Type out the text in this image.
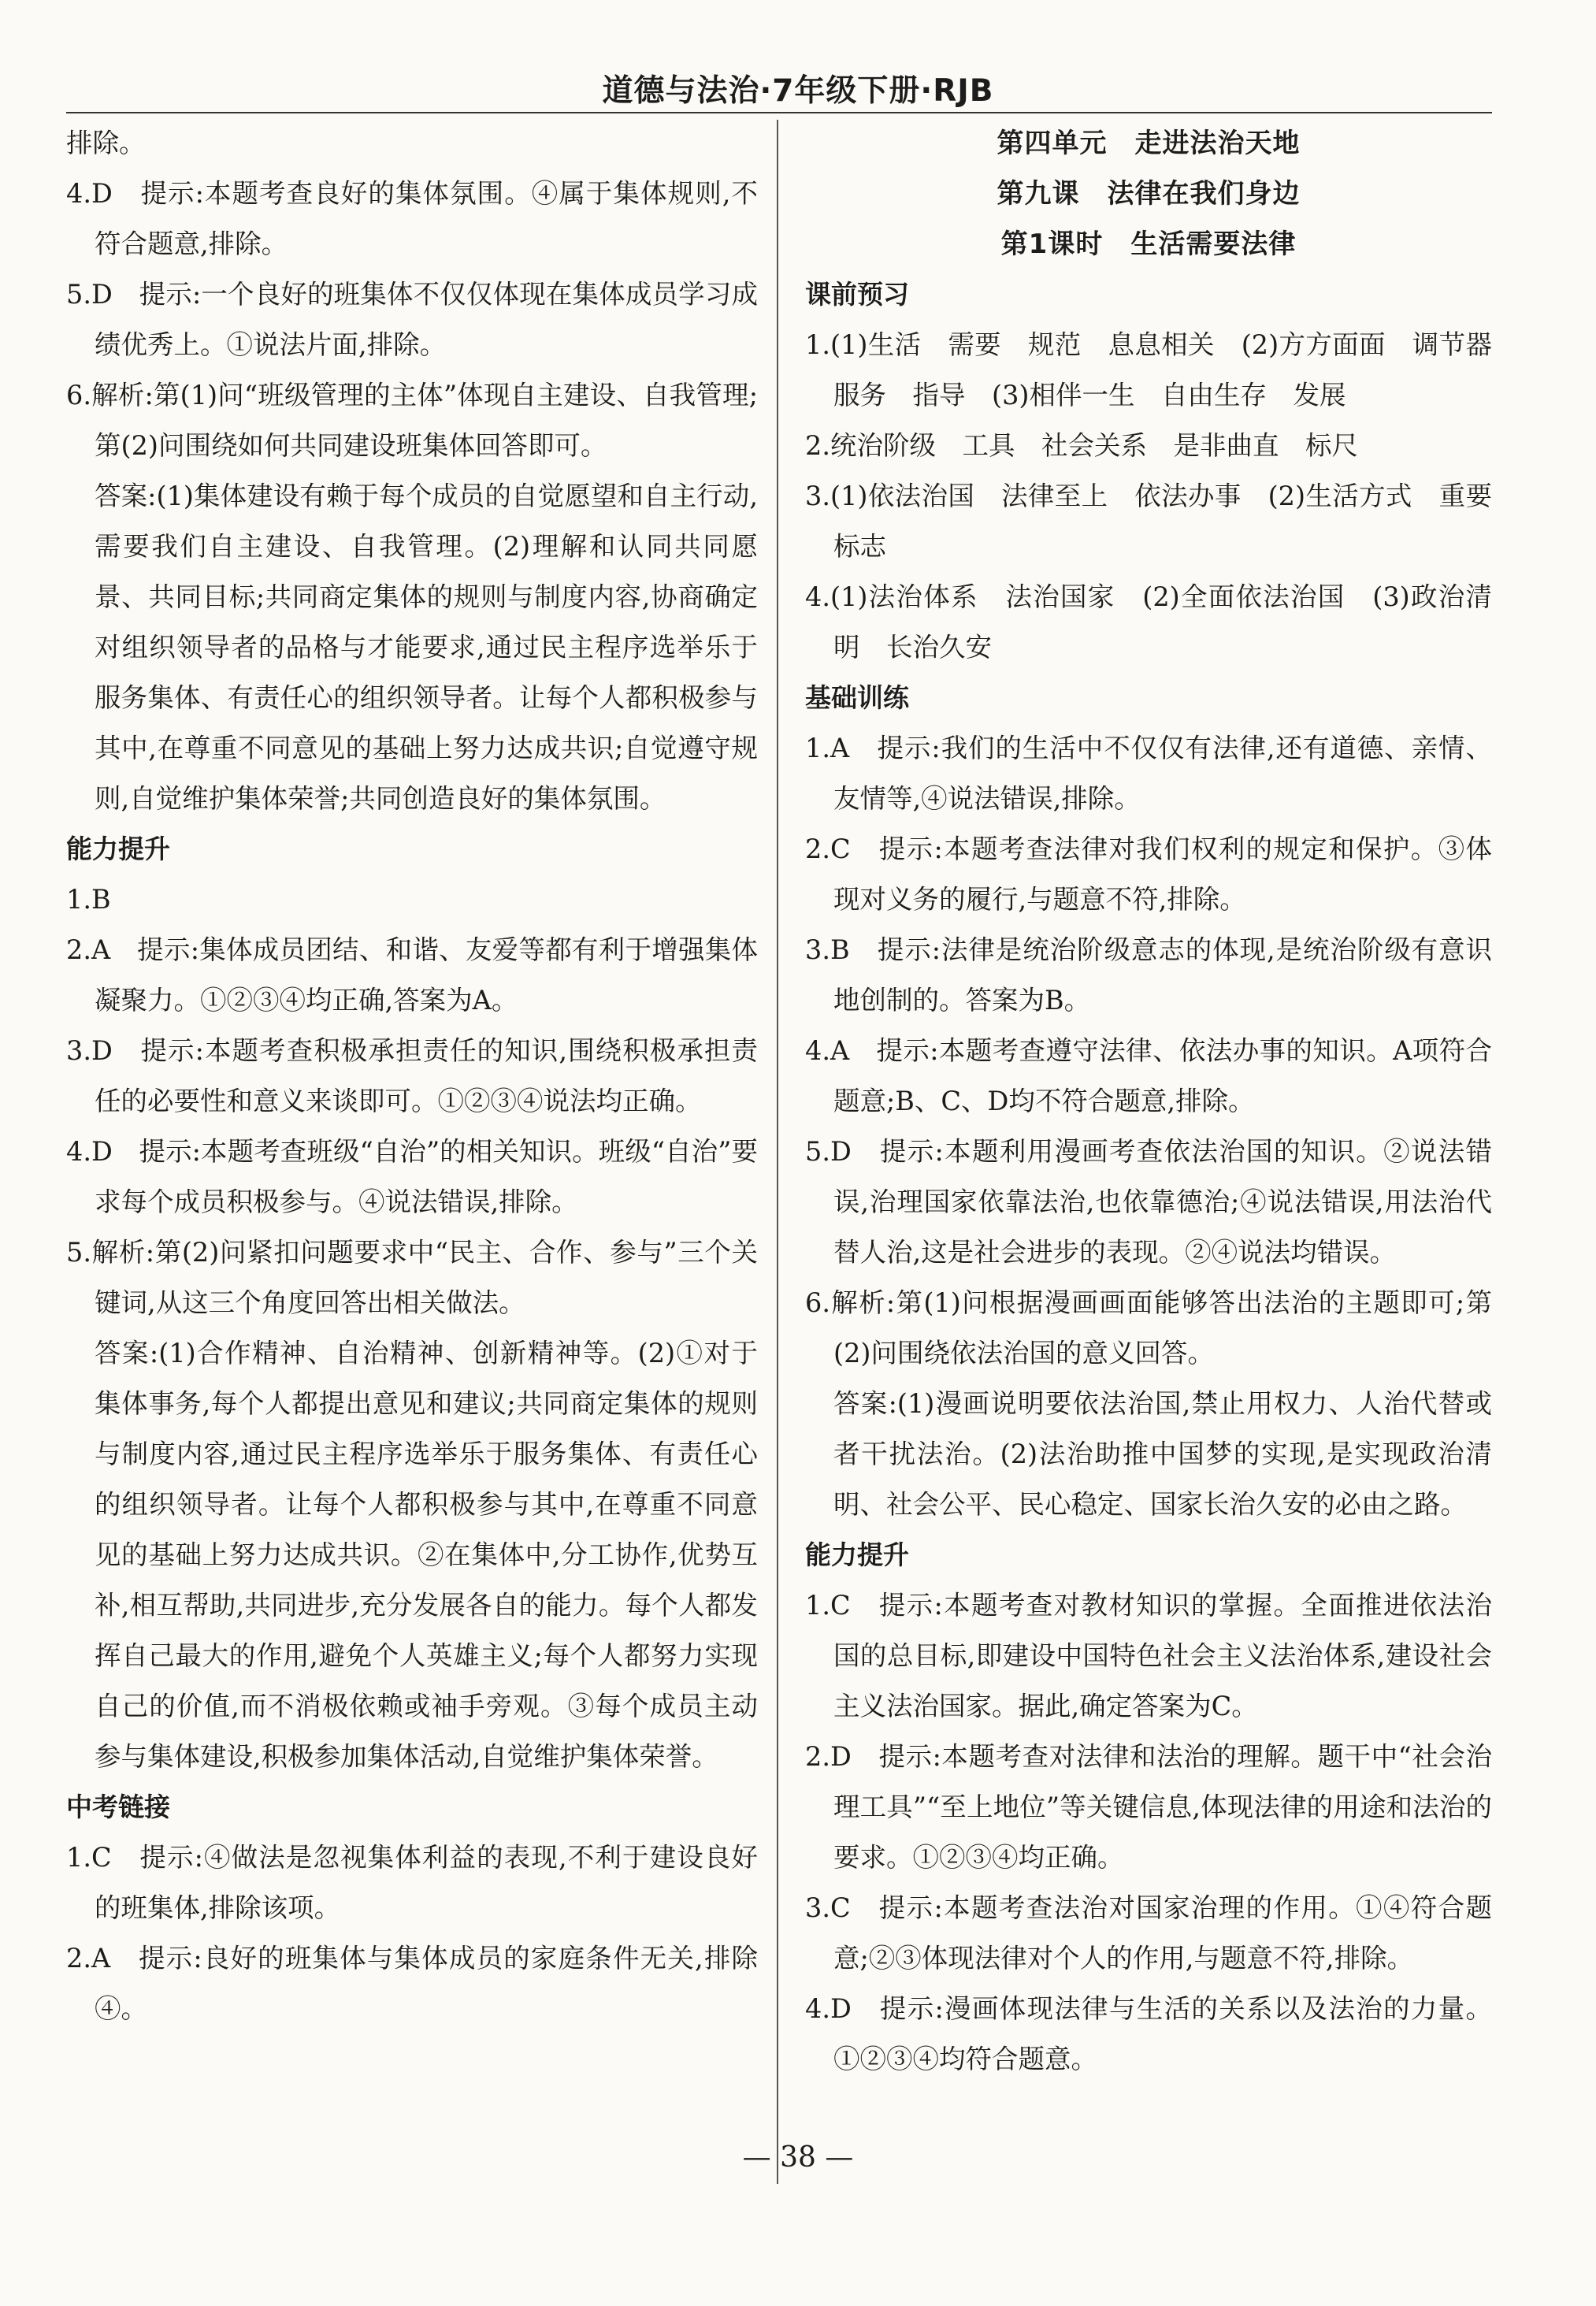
道德与法治·7年级下册·RJB

排除。

4.D　提示:本题考查良好的集体氛围。④属于集体规则,不符合题意,排除。

5.D　提示:一个良好的班集体不仅仅体现在集体成员学习成绩优秀上。①说法片面,排除。

6.解析:第(1)问“班级管理的主体”体现自主建设、自我管理;第(2)问围绕如何共同建设班集体回答即可。

答案:(1)集体建设有赖于每个成员的自觉愿望和自主行动,需要我们自主建设、自我管理。(2)理解和认同共同愿景、共同目标;共同商定集体的规则与制度内容,协商确定对组织领导者的品格与才能要求,通过民主程序选举乐于服务集体、有责任心的组织领导者。让每个人都积极参与其中,在尊重不同意见的基础上努力达成共识;自觉遵守规则,自觉维护集体荣誉;共同创造良好的集体氛围。

能力提升

1.B

2.A　提示:集体成员团结、和谐、友爱等都有利于增强集体凝聚力。①②③④均正确,答案为A。

3.D　提示:本题考查积极承担责任的知识,围绕积极承担责任的必要性和意义来谈即可。①②③④说法均正确。

4.D　提示:本题考查班级“自治”的相关知识。班级“自治”要求每个成员积极参与。④说法错误,排除。

5.解析:第(2)问紧扣问题要求中“民主、合作、参与”三个关键词,从这三个角度回答出相关做法。

答案:(1)合作精神、自治精神、创新精神等。(2)①对于集体事务,每个人都提出意见和建议;共同商定集体的规则与制度内容,通过民主程序选举乐于服务集体、有责任心的组织领导者。让每个人都积极参与其中,在尊重不同意见的基础上努力达成共识。②在集体中,分工协作,优势互补,相互帮助,共同进步,充分发展各自的能力。每个人都发挥自己最大的作用,避免个人英雄主义;每个人都努力实现自己的价值,而不消极依赖或袖手旁观。③每个成员主动参与集体建设,积极参加集体活动,自觉维护集体荣誉。

中考链接

1.C　提示:④做法是忽视集体利益的表现,不利于建设良好的班集体,排除该项。

2.A　提示:良好的班集体与集体成员的家庭条件无关,排除④。

第四单元　走进法治天地

第九课　法律在我们身边

第1课时　生活需要法律

课前预习

1.(1)生活　需要　规范　息息相关　(2)方方面面　调节器　服务　指导　(3)相伴一生　自由生存　发展

2.统治阶级　工具　社会关系　是非曲直　标尺

3.(1)依法治国　法律至上　依法办事　(2)生活方式　重要标志

4.(1)法治体系　法治国家　(2)全面依法治国　(3)政治清明　长治久安

基础训练

1.A　提示:我们的生活中不仅仅有法律,还有道德、亲情、友情等,④说法错误,排除。

2.C　提示:本题考查法律对我们权利的规定和保护。③体现对义务的履行,与题意不符,排除。

3.B　提示:法律是统治阶级意志的体现,是统治阶级有意识地创制的。答案为B。

4.A　提示:本题考查遵守法律、依法办事的知识。A项符合题意;B、C、D均不符合题意,排除。

5.D　提示:本题利用漫画考查依法治国的知识。②说法错误,治理国家依靠法治,也依靠德治;④说法错误,用法治代替人治,这是社会进步的表现。②④说法均错误。

6.解析:第(1)问根据漫画画面能够答出法治的主题即可;第(2)问围绕依法治国的意义回答。

答案:(1)漫画说明要依法治国,禁止用权力、人治代替或者干扰法治。(2)法治助推中国梦的实现,是实现政治清明、社会公平、民心稳定、国家长治久安的必由之路。

能力提升

1.C　提示:本题考查对教材知识的掌握。全面推进依法治国的总目标,即建设中国特色社会主义法治体系,建设社会主义法治国家。据此,确定答案为C。

2.D　提示:本题考查对法律和法治的理解。题干中“社会治理工具”“至上地位”等关键信息,体现法律的用途和法治的要求。①②③④均正确。

3.C　提示:本题考查法治对国家治理的作用。①④符合题意;②③体现法律对个人的作用,与题意不符,排除。

4.D　提示:漫画体现法律与生活的关系以及法治的力量。①②③④均符合题意。

— 38 —
